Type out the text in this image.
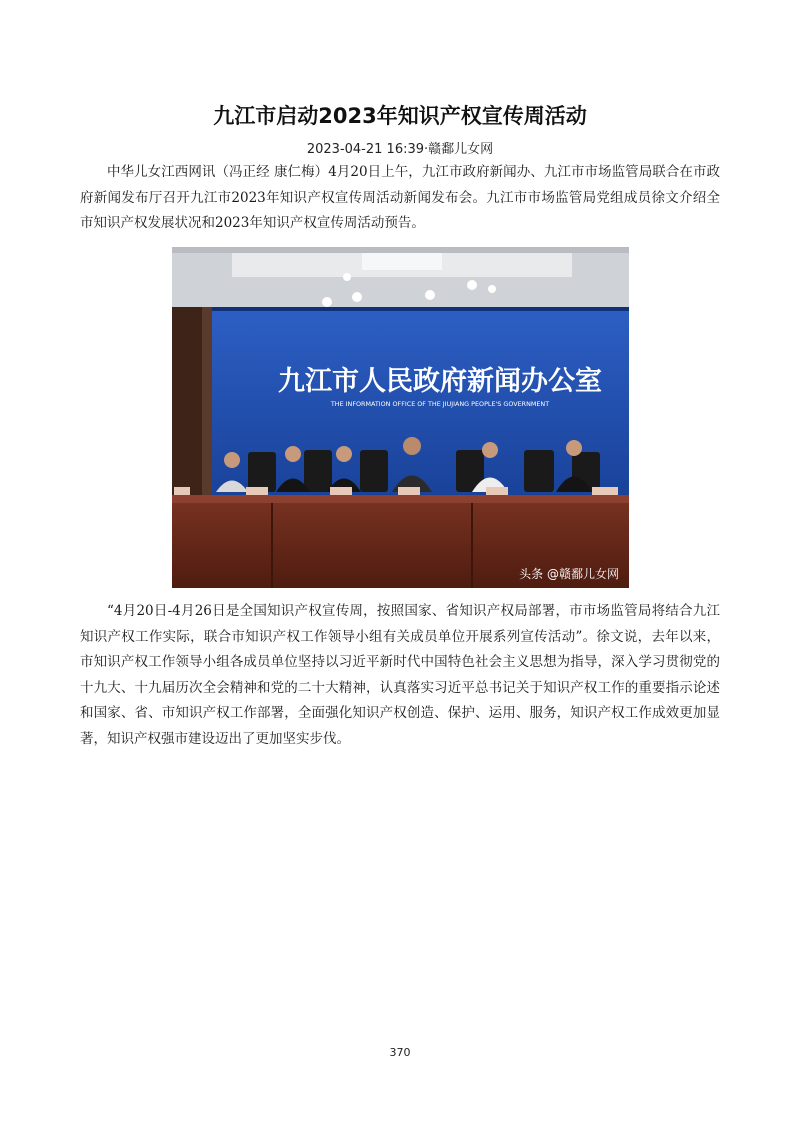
九江市启动2023年知识产权宣传周活动
2023-04-21 16:39·赣鄱儿女网

中华儿女江西网讯（冯正经 康仁梅）4月20日上午，九江市政府新闻办、九江市市场监管局联合在市政府新闻发布厅召开九江市2023年知识产权宣传周活动新闻发布会。九江市市场监管局党组成员徐文介绍全市知识产权发展状况和2023年知识产权宣传周活动预告。

九江市人民政府新闻办公室
THE INFORMATION OFFICE OF THE JIUJIANG PEOPLE'S GOVERNMENT
头条 @赣鄱儿女网

“4月20日-4月26日是全国知识产权宣传周，按照国家、省知识产权局部署，市市场监管局将结合九江知识产权工作实际，联合市知识产权工作领导小组有关成员单位开展系列宣传活动”。徐文说，去年以来，市知识产权工作领导小组各成员单位坚持以习近平新时代中国特色社会主义思想为指导，深入学习贯彻党的十九大、十九届历次全会精神和党的二十大精神，认真落实习近平总书记关于知识产权工作的重要指示论述和国家、省、市知识产权工作部署，全面强化知识产权创造、保护、运用、服务，知识产权工作成效更加显著，知识产权强市建设迈出了更加坚实步伐。

370
